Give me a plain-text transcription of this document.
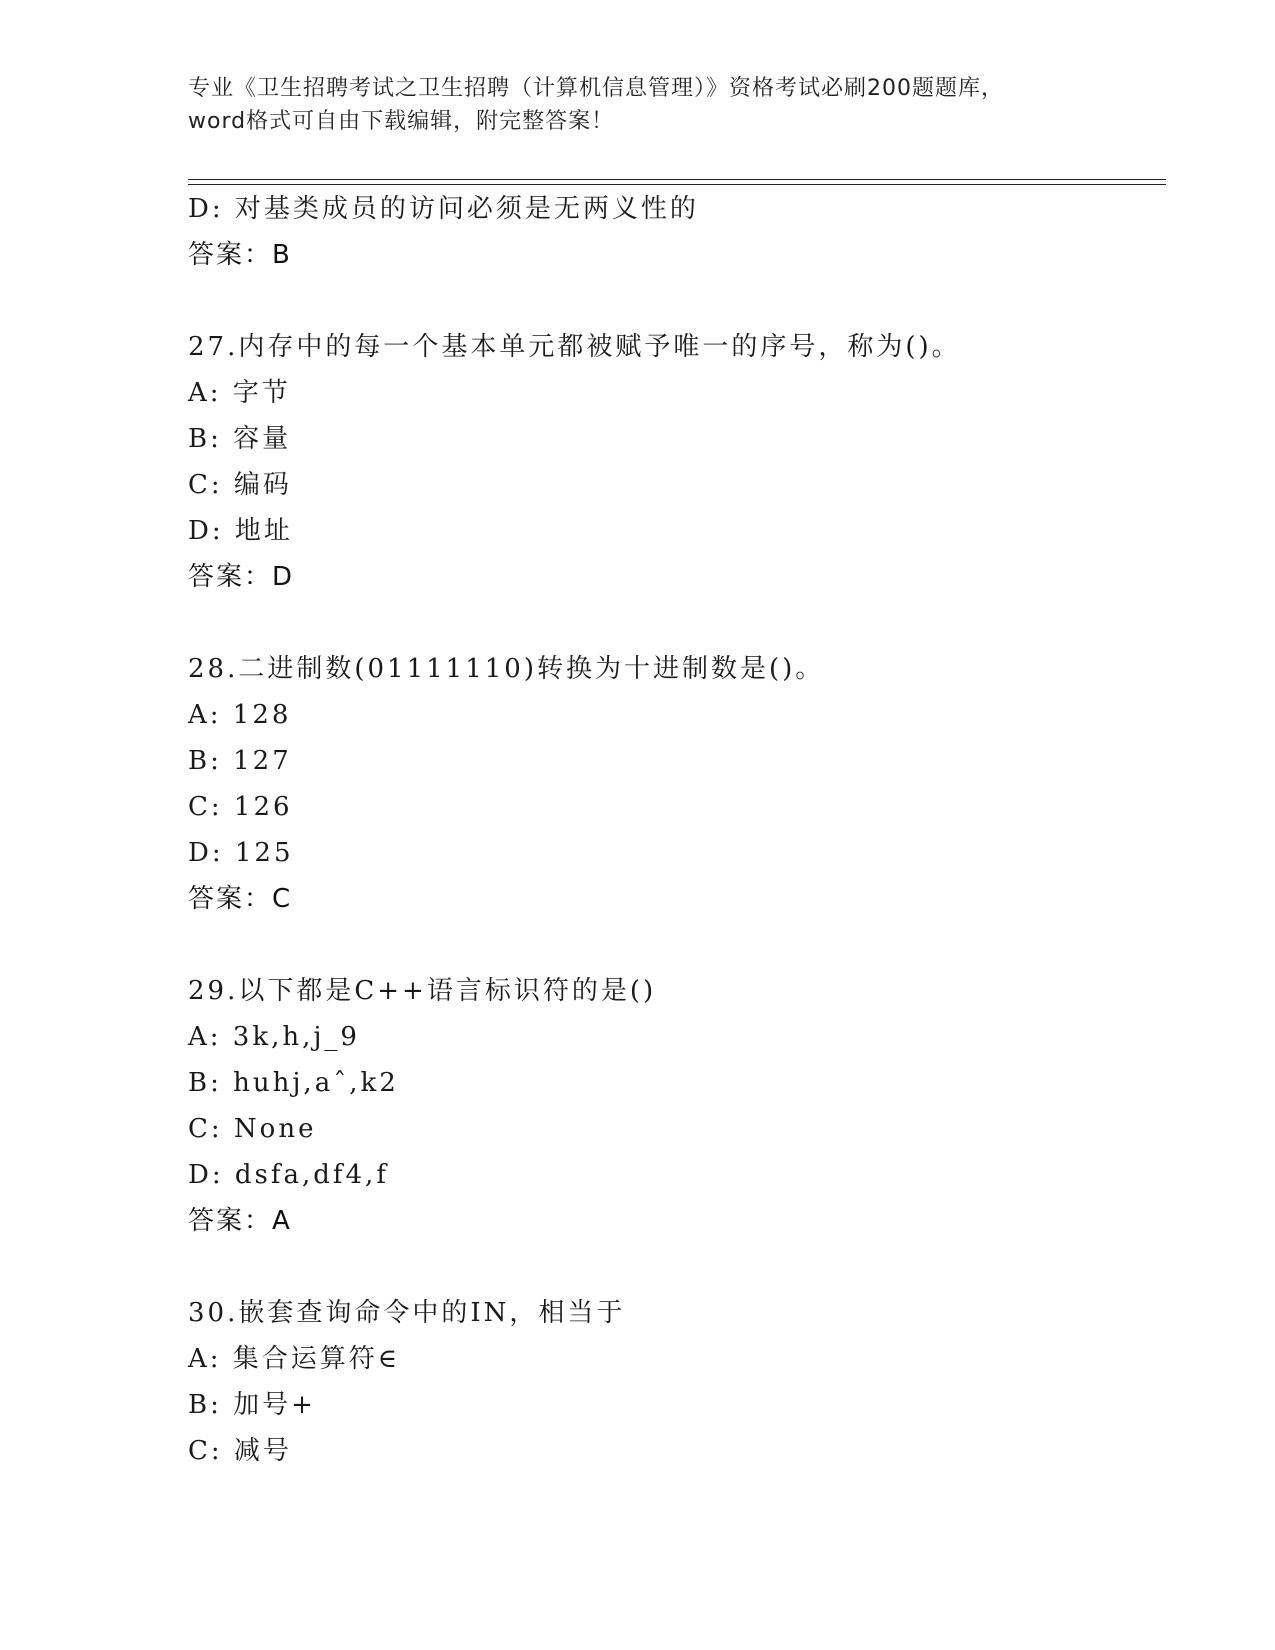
专业《卫生招聘考试之卫生招聘（计算机信息管理）》资格考试必刷200题题库，
word格式可自由下载编辑，附完整答案！
D: 对基类成员的访问必须是无两义性的
答案：B
27.内存中的每一个基本单元都被赋予唯一的序号，称为()。
A: 字节
B: 容量
C: 编码
D: 地址
答案：D
28.二进制数(01111110)转换为十进制数是()。
A: 128
B: 127
C: 126
D: 125
答案：C
29.以下都是C++语言标识符的是()
A: 3k,h,j_9
B: huhj,aˆ,k2
C: None
D: dsfa,df4,f
答案：A
30.嵌套查询命令中的IN，相当于
A: 集合运算符∈
B: 加号+
C: 减号
